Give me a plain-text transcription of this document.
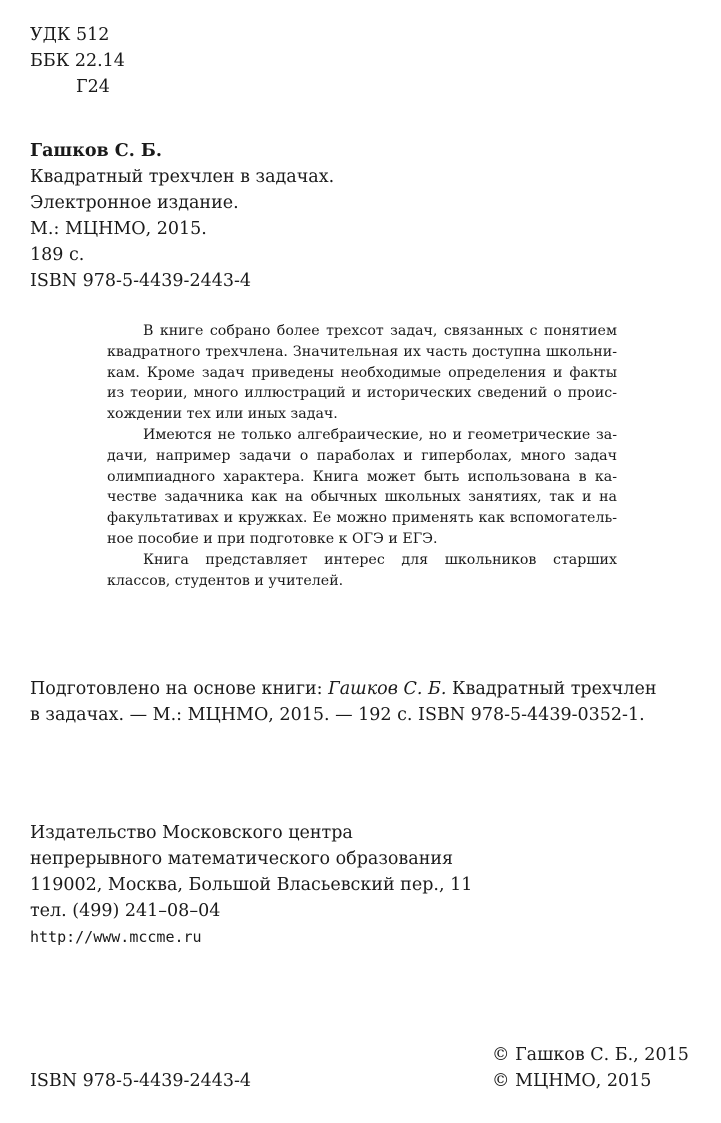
УДК 512
ББК 22.14
Г24
Гашков С. Б.
Квадратный трехчлен в задачах.
Электронное издание.
М.: МЦНМО, 2015.
189 с.
ISBN 978-5-4439-2443-4

В книге собрано более трехсот задач, связанных с понятием квадратного трехчлена. Значительная их часть доступна школьникам. Кроме задач приведены необходимые определения и факты из теории, много иллюстраций и исторических сведений о происхождении тех или иных задач.

Имеются не только алгебраические, но и геометрические задачи, например задачи о параболах и гиперболах, много задач олимпиадного характера. Книга может быть использована в качестве задачника как на обычных школьных занятиях, так и на факультативах и кружках. Ее можно применять как вспомогательное пособие и при подготовке к ОГЭ и ЕГЭ.

Книга представляет интерес для школьников старших классов, студентов и учителей.

Подготовлено на основе книги: Гашков С. Б. Квадратный трехчлен
в задачах. — М.: МЦНМО, 2015. — 192 с. ISBN 978-5-4439-0352-1.
Издательство Московского центра
непрерывного математического образования
119002, Москва, Большой Власьевский пер., 11
тел. (499) 241–08–04
http://www.mccme.ru
ISBN 978-5-4439-2443-4
© Гашков С. Б., 2015
© МЦНМО, 2015
